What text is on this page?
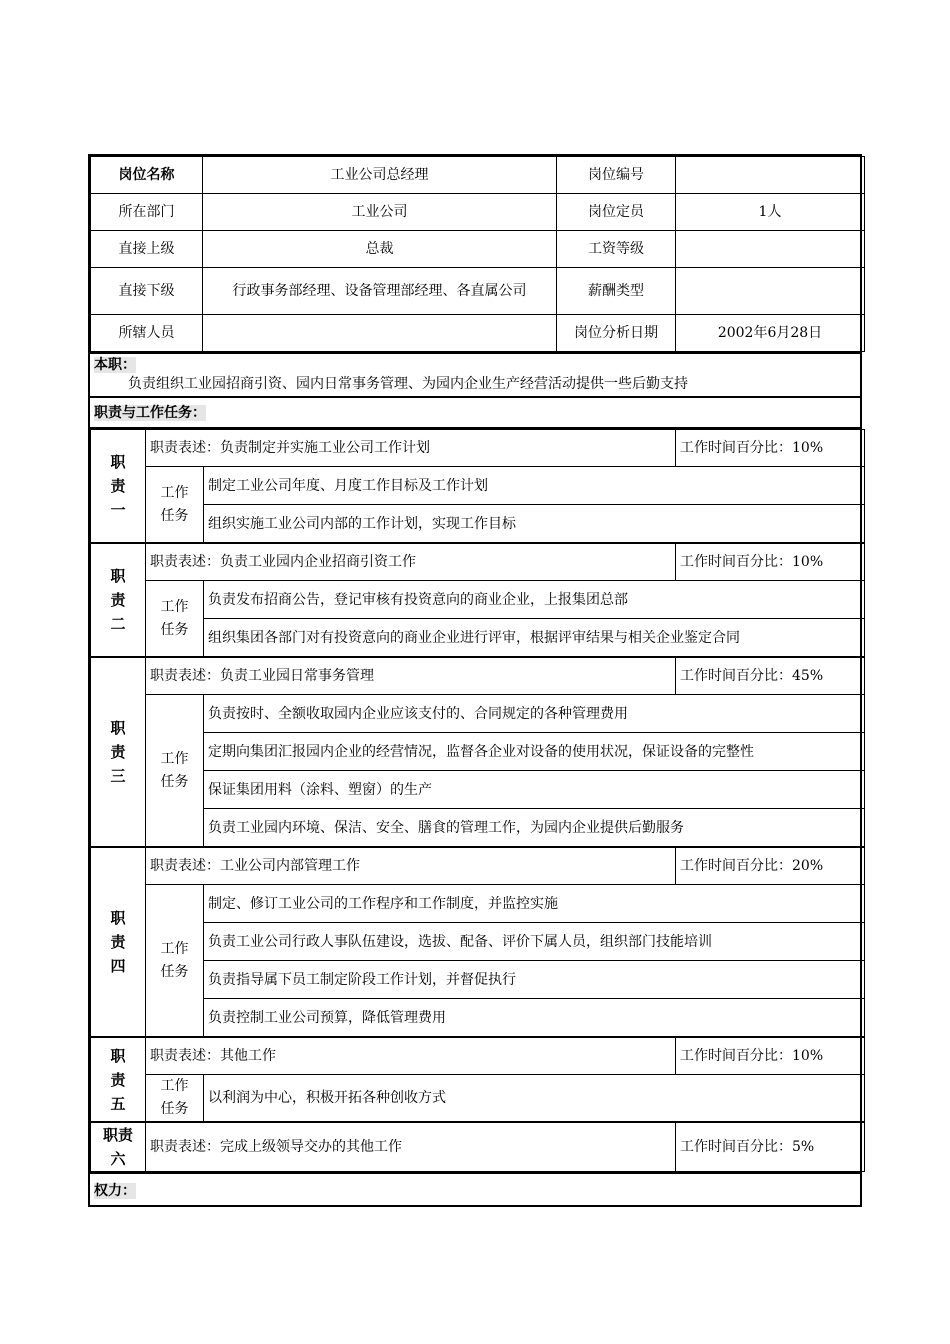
岗位名称	工业公司总经理	岗位编号	
所在部门	工业公司	岗位定员	1人
直接上级	总裁	工资等级	
直接下级	行政事务部经理、设备管理部经理、各直属公司	薪酬类型	
所辖人员		岗位分析日期	2002年6月28日
本职：
负责组织工业园招商引资、园内日常事务管理、为园内企业生产经营活动提供一些后勤支持
职责与工作任务：
职
责
一	职责表述：负责制定并实施工业公司工作计划		工作时间百分比：10%

	工作
任务	制定工业公司年度、月度工作目标及工作计划	
		组织实施工业公司内部的工作计划，实现工作目标	

职
责
二	职责表述：负责工业园内企业招商引资工作		工作时间百分比：10%

	工作
任务	负责发布招商公告，登记审核有投资意向的商业企业，上报集团总部	
		组织集团各部门对有投资意向的商业企业进行评审，根据评审结果与相关企业鉴定合同	

职
责
三	职责表述：负责工业园日常事务管理		工作时间百分比：45%

	工作
任务	负责按时、全额收取园内企业应该支付的、合同规定的各种管理费用	
		定期向集团汇报园内企业的经营情况，监督各企业对设备的使用状况，保证设备的完整性	
		保证集团用料（涂料、塑窗）的生产	
		负责工业园内环境、保洁、安全、膳食的管理工作，为园内企业提供后勤服务	

职
责
四	职责表述：工业公司内部管理工作		工作时间百分比：20%

	工作
任务	制定、修订工业公司的工作程序和工作制度，并监控实施	
		负责工业公司行政人事队伍建设，选拔、配备、评价下属人员，组织部门技能培训	
		负责指导属下员工制定阶段工作计划，并督促执行	
		负责控制工业公司预算，降低管理费用	

职
责
五	职责表述：其他工作		工作时间百分比：10%

	工作
任务	以利润为中心，积极开拓各种创收方式	

职责
六	职责表述：完成上级领导交办的其他工作		工作时间百分比：5%
权力：
